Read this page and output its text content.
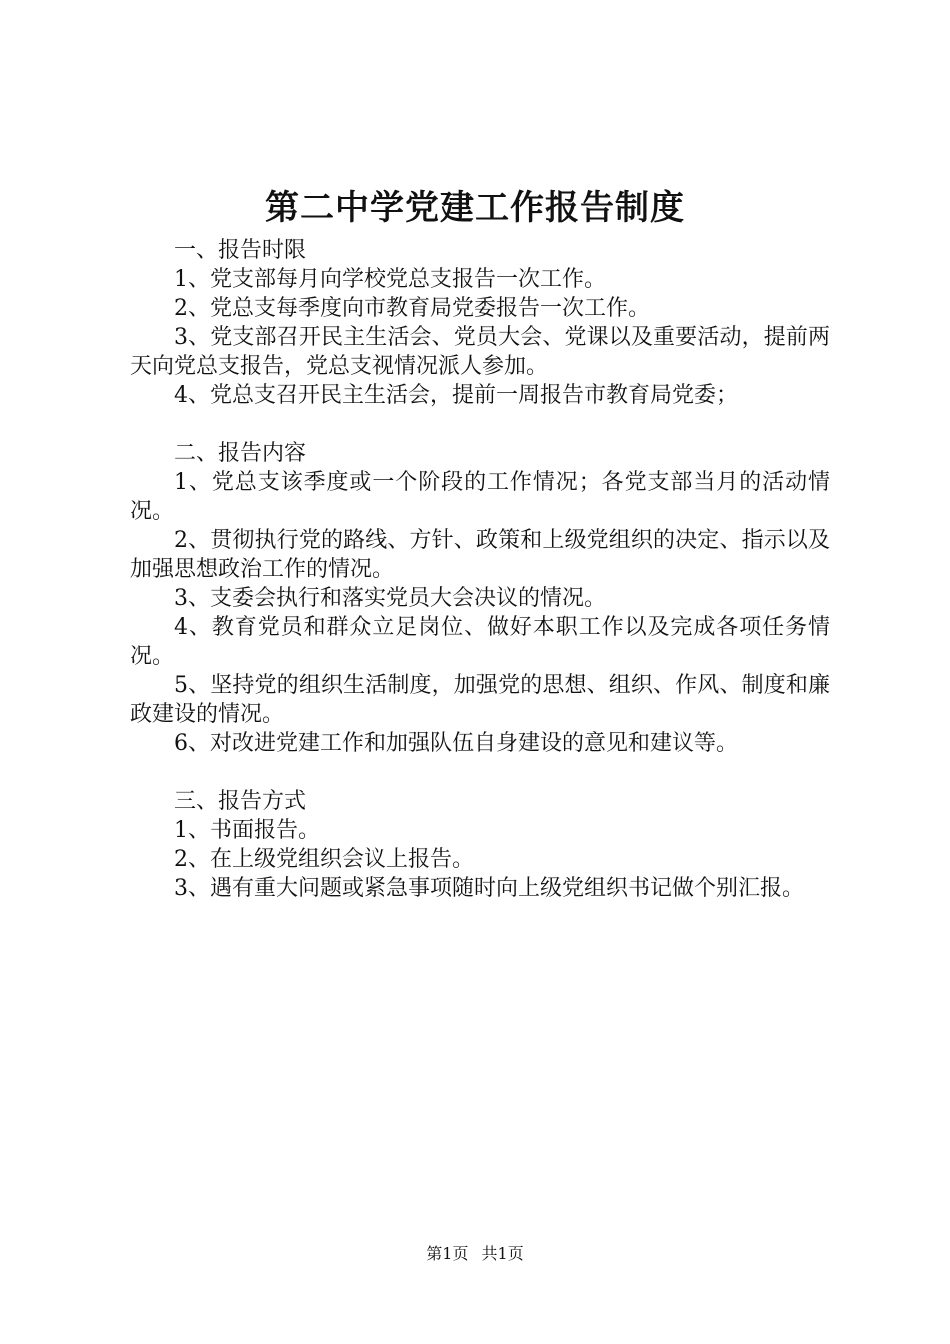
第二中学党建工作报告制度

一、报告时限

1、党支部每月向学校党总支报告一次工作。

2、党总支每季度向市教育局党委报告一次工作。

3、党支部召开民主生活会、党员大会、党课以及重要活动，提前两天向党总支报告，党总支视情况派人参加。

4、党总支召开民主生活会，提前一周报告市教育局党委；

二、报告内容

1、党总支该季度或一个阶段的工作情况；各党支部当月的活动情况。

2、贯彻执行党的路线、方针、政策和上级党组织的决定、指示以及加强思想政治工作的情况。

3、支委会执行和落实党员大会决议的情况。

4、教育党员和群众立足岗位、做好本职工作以及完成各项任务情况。

5、坚持党的组织生活制度，加强党的思想、组织、作风、制度和廉政建设的情况。

6、对改进党建工作和加强队伍自身建设的意见和建议等。

三、报告方式

1、书面报告。

2、在上级党组织会议上报告。

3、遇有重大问题或紧急事项随时向上级党组织书记做个别汇报。

第1页 共1页
